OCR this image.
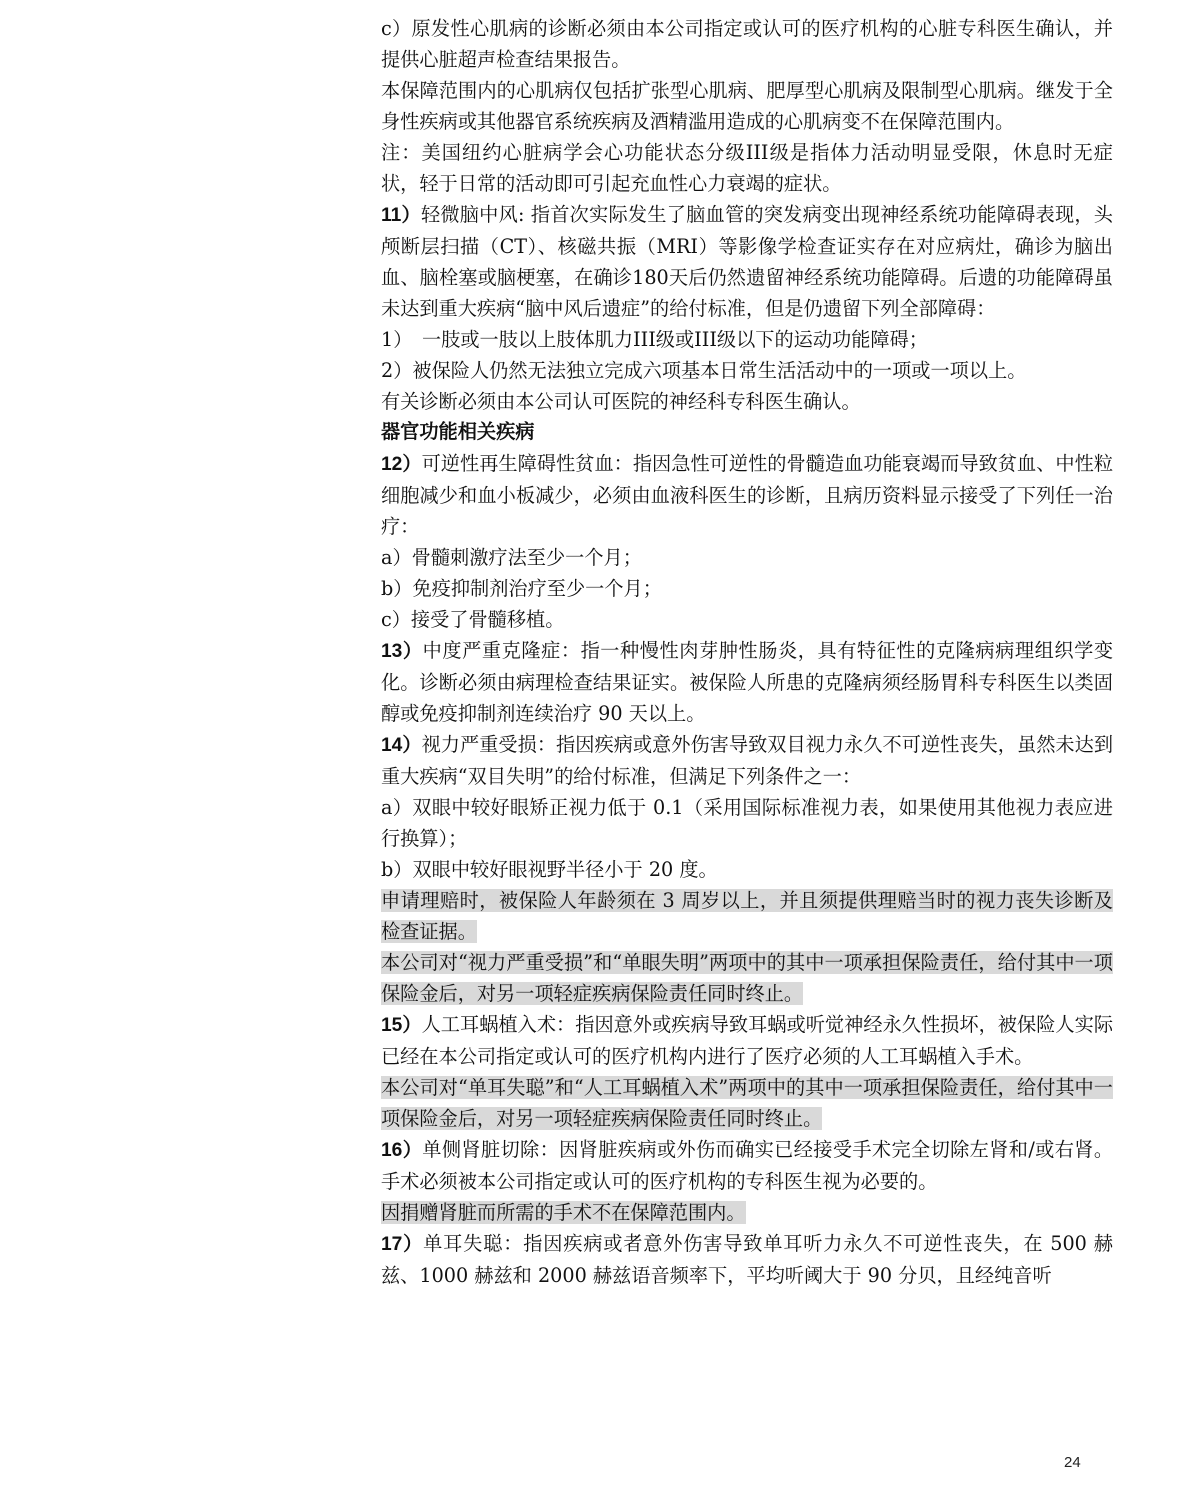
c）原发性心肌病的诊断必须由本公司指定或认可的医疗机构的心脏专科医生确认，并提供心脏超声检查结果报告。

本保障范围内的心肌病仅包括扩张型心肌病、肥厚型心肌病及限制型心肌病。继发于全身性疾病或其他器官系统疾病及酒精滥用造成的心肌病变不在保障范围内。

注：美国纽约心脏病学会心功能状态分级III级是指体力活动明显受限，休息时无症状，轻于日常的活动即可引起充血性心力衰竭的症状。

11）轻微脑中风: 指首次实际发生了脑血管的突发病变出现神经系统功能障碍表现，头颅断层扫描（CT）、核磁共振（MRI）等影像学检查证实存在对应病灶，确诊为脑出血、脑栓塞或脑梗塞，在确诊180天后仍然遗留神经系统功能障碍。后遗的功能障碍虽未达到重大疾病“脑中风后遗症”的给付标准，但是仍遗留下列全部障碍：

1）　一肢或一肢以上肢体肌力III级或III级以下的运动功能障碍；

2）被保险人仍然无法独立完成六项基本日常生活活动中的一项或一项以上。

有关诊断必须由本公司认可医院的神经科专科医生确认。

器官功能相关疾病

12）可逆性再生障碍性贫血：指因急性可逆性的骨髓造血功能衰竭而导致贫血、中性粒细胞减少和血小板减少，必须由血液科医生的诊断，且病历资料显示接受了下列任一治疗：

a）骨髓刺激疗法至少一个月；

b）免疫抑制剂治疗至少一个月；

c）接受了骨髓移植。

13）中度严重克隆症：指一种慢性肉芽肿性肠炎，具有特征性的克隆病病理组织学变化。诊断必须由病理检查结果证实。被保险人所患的克隆病须经肠胃科专科医生以类固醇或免疫抑制剂连续治疗 90 天以上。

14）视力严重受损：指因疾病或意外伤害导致双目视力永久不可逆性丧失，虽然未达到重大疾病“双目失明”的给付标准，但满足下列条件之一：

a）双眼中较好眼矫正视力低于 0.1（采用国际标准视力表，如果使用其他视力表应进行换算）；

b）双眼中较好眼视野半径小于 20 度。

申请理赔时，被保险人年龄须在 3 周岁以上，并且须提供理赔当时的视力丧失诊断及检查证据。

本公司对“视力严重受损”和“单眼失明”两项中的其中一项承担保险责任，给付其中一项保险金后，对另一项轻症疾病保险责任同时终止。

15）人工耳蜗植入术：指因意外或疾病导致耳蜗或听觉神经永久性损坏，被保险人实际已经在本公司指定或认可的医疗机构内进行了医疗必须的人工耳蜗植入手术。

本公司对“单耳失聪”和“人工耳蜗植入术”两项中的其中一项承担保险责任，给付其中一项保险金后，对另一项轻症疾病保险责任同时终止。

16）单侧肾脏切除：因肾脏疾病或外伤而确实已经接受手术完全切除左肾和/或右肾。手术必须被本公司指定或认可的医疗机构的专科医生视为必要的。

因捐赠肾脏而所需的手术不在保障范围内。

17）单耳失聪：指因疾病或者意外伤害导致单耳听力永久不可逆性丧失，在 500 赫兹、1000 赫兹和 2000 赫兹语音频率下，平均听阈大于 90 分贝，且经纯音听

24
